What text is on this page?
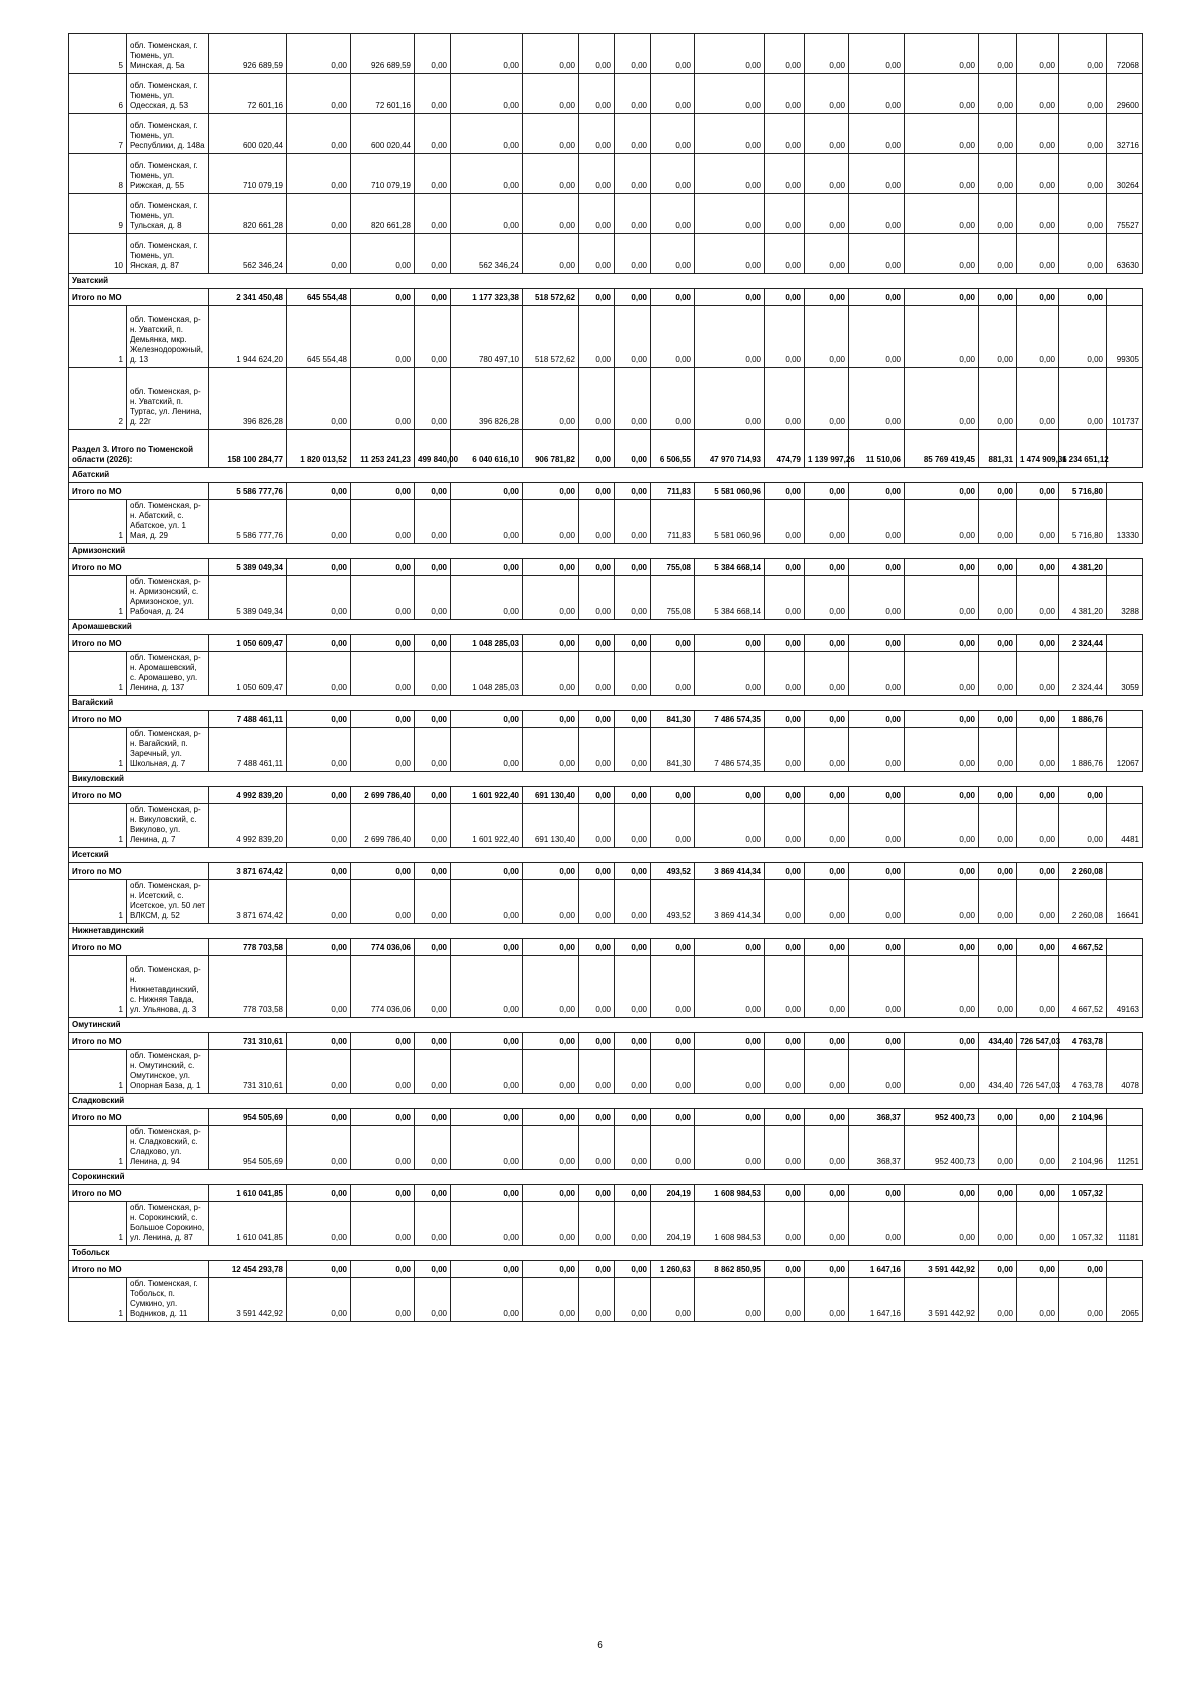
5	обл. Тюменская, г. Тюмень, ул. Минская, д. 5а	926 689,59	0,00	926 689,59	0,00	0,00	0,00	0,00	0,00	0,00	0,00	0,00	0,00	0,00	0,00	0,00	0,00	0,00	72068
6	обл. Тюменская, г. Тюмень, ул. Одесская, д. 53	72 601,16	0,00	72 601,16	0,00	0,00	0,00	0,00	0,00	0,00	0,00	0,00	0,00	0,00	0,00	0,00	0,00	0,00	29600
7	обл. Тюменская, г. Тюмень, ул. Республики, д. 148а	600 020,44	0,00	600 020,44	0,00	0,00	0,00	0,00	0,00	0,00	0,00	0,00	0,00	0,00	0,00	0,00	0,00	0,00	32716
8	обл. Тюменская, г. Тюмень, ул. Рижская, д. 55	710 079,19	0,00	710 079,19	0,00	0,00	0,00	0,00	0,00	0,00	0,00	0,00	0,00	0,00	0,00	0,00	0,00	0,00	30264
9	обл. Тюменская, г. Тюмень, ул. Тульская, д. 8	820 661,28	0,00	820 661,28	0,00	0,00	0,00	0,00	0,00	0,00	0,00	0,00	0,00	0,00	0,00	0,00	0,00	0,00	75527
10	обл. Тюменская, г. Тюмень, ул. Янская, д. 87	562 346,24	0,00	0,00	0,00	562 346,24	0,00	0,00	0,00	0,00	0,00	0,00	0,00	0,00	0,00	0,00	0,00	0,00	63630
Уватский																			
Итого по МО		2 341 450,48	645 554,48	0,00	0,00	1 177 323,38	518 572,62	0,00	0,00	0,00	0,00	0,00	0,00	0,00	0,00	0,00	0,00	0,00	
1	обл. Тюменская, р-н. Уватский, п. Демьянка, мкр. Железнодорожный, д. 13	1 944 624,20	645 554,48	0,00	0,00	780 497,10	518 572,62	0,00	0,00	0,00	0,00	0,00	0,00	0,00	0,00	0,00	0,00	0,00	99305
2	обл. Тюменская, р-н. Уватский, п. Туртас, ул. Ленина, д. 22г	396 826,28	0,00	0,00	0,00	396 826,28	0,00	0,00	0,00	0,00	0,00	0,00	0,00	0,00	0,00	0,00	0,00	0,00	101737
Раздел 3. Итого по Тюменской области (2026):		158 100 284,77	1 820 013,52	11 253 241,23	499 840,00	6 040 616,10	906 781,82	0,00	0,00	6 506,55	47 970 714,93	474,79	1 139 997,26	11 510,06	85 769 419,45	881,31	1 474 909,36	1 234 651,12	
Абатский																			
Итого по МО		5 586 777,76	0,00	0,00	0,00	0,00	0,00	0,00	0,00	711,83	5 581 060,96	0,00	0,00	0,00	0,00	0,00	0,00	5 716,80	
1	обл. Тюменская, р-н. Абатский, с. Абатское, ул. 1 Мая, д. 29	5 586 777,76	0,00	0,00	0,00	0,00	0,00	0,00	0,00	711,83	5 581 060,96	0,00	0,00	0,00	0,00	0,00	0,00	5 716,80	13330
Армизонский																			
Итого по МО		5 389 049,34	0,00	0,00	0,00	0,00	0,00	0,00	0,00	755,08	5 384 668,14	0,00	0,00	0,00	0,00	0,00	0,00	4 381,20	
1	обл. Тюменская, р-н. Армизонский, с. Армизонское, ул. Рабочая, д. 24	5 389 049,34	0,00	0,00	0,00	0,00	0,00	0,00	0,00	755,08	5 384 668,14	0,00	0,00	0,00	0,00	0,00	0,00	4 381,20	3288
Аромашевский																			
Итого по МО		1 050 609,47	0,00	0,00	0,00	1 048 285,03	0,00	0,00	0,00	0,00	0,00	0,00	0,00	0,00	0,00	0,00	0,00	2 324,44	
1	обл. Тюменская, р-н. Аромашевский, с. Аромашево, ул. Ленина, д. 137	1 050 609,47	0,00	0,00	0,00	1 048 285,03	0,00	0,00	0,00	0,00	0,00	0,00	0,00	0,00	0,00	0,00	0,00	2 324,44	3059
Вагайский																			
Итого по МО		7 488 461,11	0,00	0,00	0,00	0,00	0,00	0,00	0,00	841,30	7 486 574,35	0,00	0,00	0,00	0,00	0,00	0,00	1 886,76	
1	обл. Тюменская, р-н. Вагайский, п. Заречный, ул. Школьная, д. 7	7 488 461,11	0,00	0,00	0,00	0,00	0,00	0,00	0,00	841,30	7 486 574,35	0,00	0,00	0,00	0,00	0,00	0,00	1 886,76	12067
Викуловский																			
Итого по МО		4 992 839,20	0,00	2 699 786,40	0,00	1 601 922,40	691 130,40	0,00	0,00	0,00	0,00	0,00	0,00	0,00	0,00	0,00	0,00	0,00	
1	обл. Тюменская, р-н. Викуловский, с. Викулово, ул. Ленина, д. 7	4 992 839,20	0,00	2 699 786,40	0,00	1 601 922,40	691 130,40	0,00	0,00	0,00	0,00	0,00	0,00	0,00	0,00	0,00	0,00	0,00	4481
Исетский																			
Итого по МО		3 871 674,42	0,00	0,00	0,00	0,00	0,00	0,00	0,00	493,52	3 869 414,34	0,00	0,00	0,00	0,00	0,00	0,00	2 260,08	
1	обл. Тюменская, р-н. Исетский, с. Исетское, ул. 50 лет ВЛКСМ, д. 52	3 871 674,42	0,00	0,00	0,00	0,00	0,00	0,00	0,00	493,52	3 869 414,34	0,00	0,00	0,00	0,00	0,00	0,00	2 260,08	16641
Нижнетавдинский																			
Итого по МО		778 703,58	0,00	774 036,06	0,00	0,00	0,00	0,00	0,00	0,00	0,00	0,00	0,00	0,00	0,00	0,00	0,00	4 667,52	
1	обл. Тюменская, р-н. Нижнетавдинский, с. Нижняя Тавда, ул. Ульянова, д. 3	778 703,58	0,00	774 036,06	0,00	0,00	0,00	0,00	0,00	0,00	0,00	0,00	0,00	0,00	0,00	0,00	0,00	4 667,52	49163
Омутинский																			
Итого по МО		731 310,61	0,00	0,00	0,00	0,00	0,00	0,00	0,00	0,00	0,00	0,00	0,00	0,00	0,00	434,40	726 547,03	4 763,78	
1	обл. Тюменская, р-н. Омутинский, с. Омутинское, ул. Опорная База, д. 1	731 310,61	0,00	0,00	0,00	0,00	0,00	0,00	0,00	0,00	0,00	0,00	0,00	0,00	0,00	434,40	726 547,03	4 763,78	4078
Сладковский																			
Итого по МО		954 505,69	0,00	0,00	0,00	0,00	0,00	0,00	0,00	0,00	0,00	0,00	0,00	368,37	952 400,73	0,00	0,00	2 104,96	
1	обл. Тюменская, р-н. Сладковский, с. Сладково, ул. Ленина, д. 94	954 505,69	0,00	0,00	0,00	0,00	0,00	0,00	0,00	0,00	0,00	0,00	0,00	368,37	952 400,73	0,00	0,00	2 104,96	11251
Сорокинский																			
Итого по МО		1 610 041,85	0,00	0,00	0,00	0,00	0,00	0,00	0,00	204,19	1 608 984,53	0,00	0,00	0,00	0,00	0,00	0,00	1 057,32	
1	обл. Тюменская, р-н. Сорокинский, с. Большое Сорокино, ул. Ленина, д. 87	1 610 041,85	0,00	0,00	0,00	0,00	0,00	0,00	0,00	204,19	1 608 984,53	0,00	0,00	0,00	0,00	0,00	0,00	1 057,32	11181
Тобольск																			
Итого по МО		12 454 293,78	0,00	0,00	0,00	0,00	0,00	0,00	0,00	1 260,63	8 862 850,95	0,00	0,00	1 647,16	3 591 442,92	0,00	0,00	0,00	
1	обл. Тюменская, г. Тобольск, п. Сумкино, ул. Водников, д. 11	3 591 442,92	0,00	0,00	0,00	0,00	0,00	0,00	0,00	0,00	0,00	0,00	0,00	1 647,16	3 591 442,92	0,00	0,00	0,00	2065
6
